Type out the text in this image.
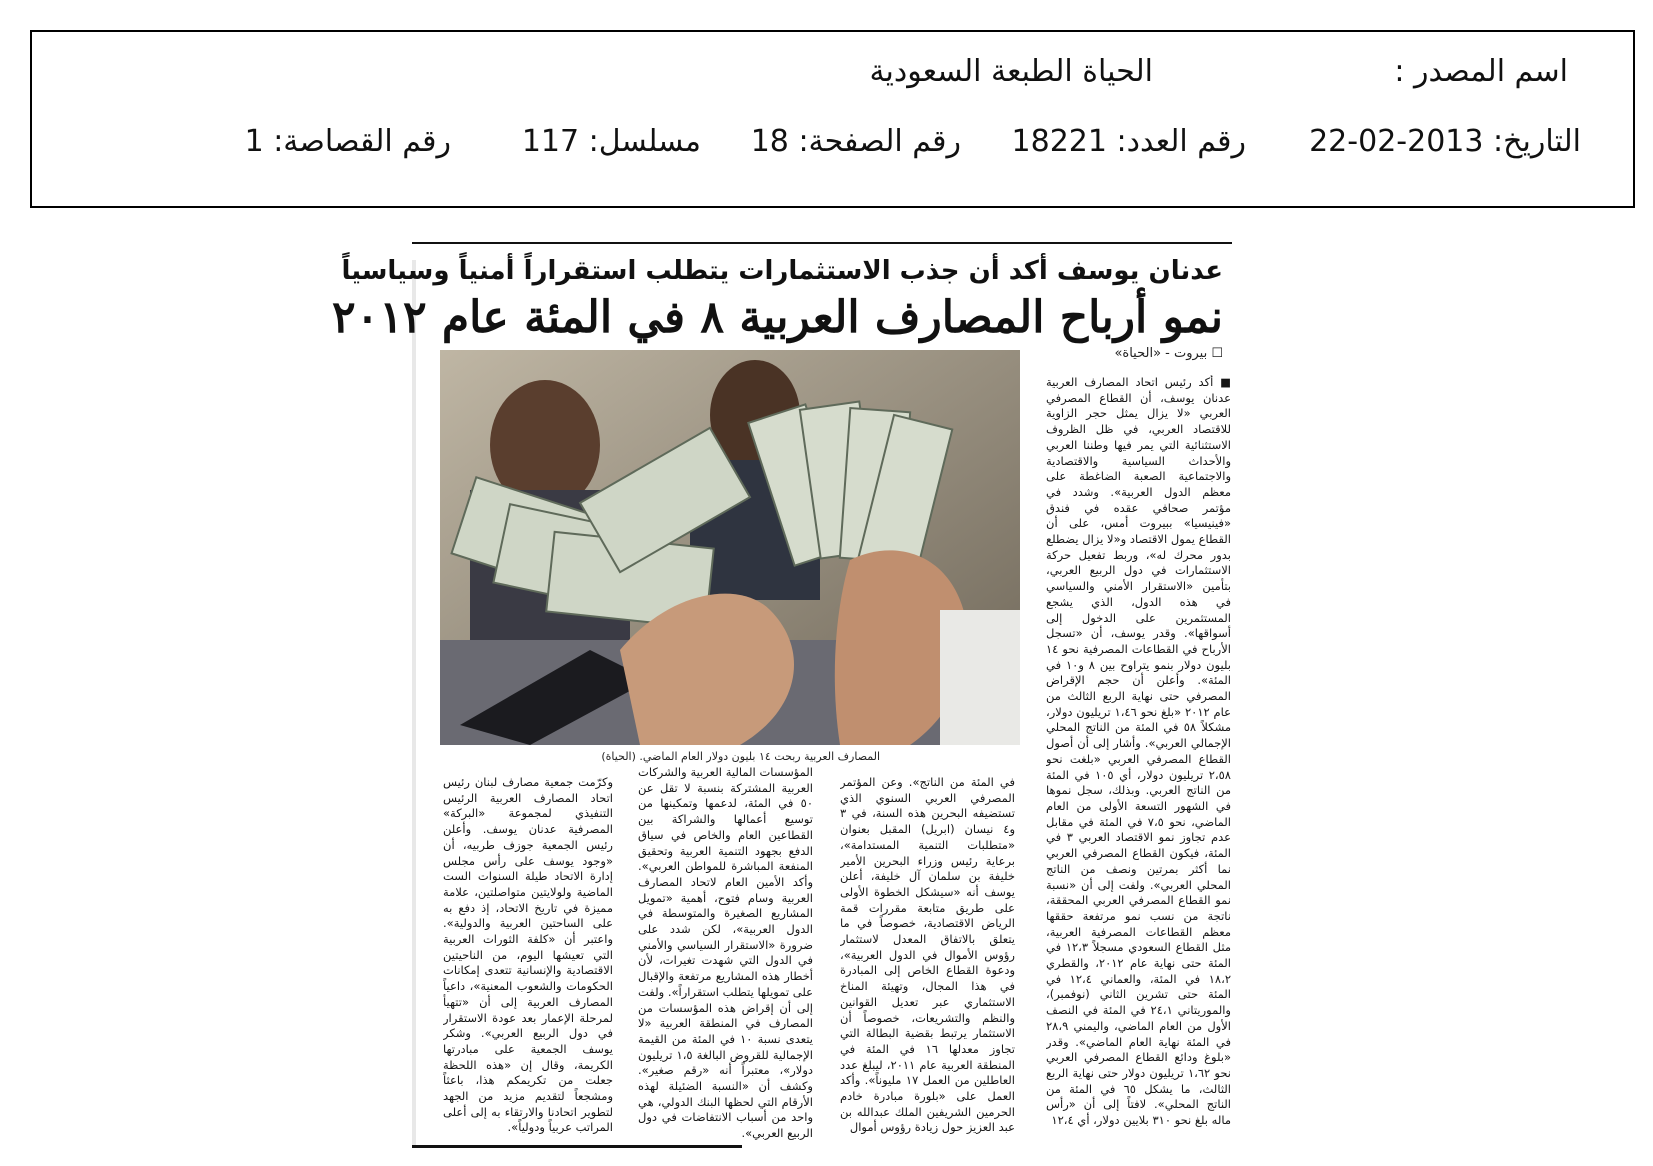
اسم المصدر :
الحياة الطبعة السعودية
التاريخ: 2013-02-22
رقم العدد: 18221
رقم الصفحة: 18
مسلسل: 117
رقم القصاصة: 1
عدنان يوسف أكد أن جذب الاستثمارات يتطلب استقراراً أمنياً وسياسياً
نمو أرباح المصارف العربية ٨ في المئة عام ٢٠١٢
☐ بيروت - «الحياة»
المصارف العربية ربحت ١٤ بليون دولار العام الماضي. (الحياة)

■ أكد رئيس اتحاد المصارف العربية عدنان يوسف، أن القطاع المصرفي العربي «لا يزال يمثل حجر الزاوية للاقتصاد العربي، في ظل الظروف الاستثنائية التي يمر فيها وطننا العربي والأحداث السياسية والاقتصادية والاجتماعية الصعبة الضاغطة على معظم الدول العربية». وشدد في مؤتمر صحافي عقده في فندق «فينيسيا» ببيروت أمس، على أن القطاع يمول الاقتصاد و«لا يزال يضطلع بدور محرك له»، وربط تفعيل حركة الاستثمارات في دول الربيع العربي، بتأمين «الاستقرار الأمني والسياسي في هذه الدول، الذي يشجع المستثمرين على الدخول إلى أسواقها». وقدر يوسف، أن «تسجل الأرباح في القطاعات المصرفية نحو ١٤ بليون دولار بنمو يتراوح بين ٨ و١٠ في المئة». وأعلن أن حجم الإقراض المصرفي حتى نهاية الربع الثالث من عام ٢٠١٢ «بلغ نحو ١،٤٦ تريليون دولار، مشكلاً ٥٨ في المئة من الناتج المحلي الإجمالي العربي». وأشار إلى أن أصول القطاع المصرفي العربي «بلغت نحو ٢،٥٨ تريليون دولار، أي ١٠٥ في المئة من الناتج العربي. وبذلك، سجل نموها في الشهور التسعة الأولى من العام الماضي، نحو ٧،٥ في المئة في مقابل عدم تجاوز نمو الاقتصاد العربي ٣ في المئة، فيكون القطاع المصرفي العربي نما أكثر بمرتين ونصف من الناتج المحلي العربي». ولفت إلى أن «نسبة نمو القطاع المصرفي العربي المحققة، ناتجة من نسب نمو مرتفعة حققها معظم القطاعات المصرفية العربية، مثل القطاع السعودي مسجلاً ١٢،٣ في المئة حتى نهاية عام ٢٠١٢، والقطري ١٨،٢ في المئة، والعماني ١٢،٤ في المئة حتى تشرين الثاني (نوفمبر)، والموريتاني ٢٤،١ في المئة في النصف الأول من العام الماضي، واليمني ٢٨،٩ في المئة نهاية العام الماضي». وقدر «بلوغ ودائع القطاع المصرفي العربي نحو ١،٦٢ تريليون دولار حتى نهاية الربع الثالث، ما يشكل ٦٥ في المئة من الناتج المحلي». لافتاً إلى أن «رأس ماله بلغ نحو ٣١٠ بلايين دولار، أي ١٢،٤

في المئة من الناتج». وعن المؤتمر المصرفي العربي السنوي الذي تستضيفه البحرين هذه السنة، في ٣ و٤ نيسان (ابريل) المقبل بعنوان «متطلبات التنمية المستدامة»، برعاية رئيس وزراء البحرين الأمير خليفة بن سلمان آل خليفة، أعلن يوسف أنه «سيشكل الخطوة الأولى على طريق متابعة مقررات قمة الرياض الاقتصادية، خصوصاً في ما يتعلق بالاتفاق المعدل لاستثمار رؤوس الأموال في الدول العربية»، ودعوة القطاع الخاص إلى المبادرة في هذا المجال، وتهيئة المناخ الاستثماري عبر تعديل القوانين والنظم والتشريعات، خصوصاً أن الاستثمار يرتبط بقضية البطالة التي تجاوز معدلها ١٦ في المئة في المنطقة العربية عام ٢٠١١، ليبلغ عدد العاطلين من العمل ١٧ مليوناً». وأكد العمل على «بلورة مبادرة خادم الحرمين الشريفين الملك عبدالله بن عبد العزيز حول زيادة رؤوس أموال

المؤسسات المالية العربية والشركات العربية المشتركة بنسبة لا تقل عن ٥٠ في المئة، لدعمها وتمكينها من توسيع أعمالها والشراكة بين القطاعين العام والخاص في سياق الدفع بجهود التنمية العربية وتحقيق المنفعة المباشرة للمواطن العربي». وأكد الأمين العام لاتحاد المصارف العربية وسام فتوح، أهمية «تمويل المشاريع الصغيرة والمتوسطة في الدول العربية»، لكن شدد على ضرورة «الاستقرار السياسي والأمني في الدول التي شهدت تغيرات، لأن أخطار هذه المشاريع مرتفعة والإقبال على تمويلها يتطلب استقراراً». ولفت إلى أن إقراض هذه المؤسسات من المصارف في المنطقة العربية «لا يتعدى نسبة ١٠ في المئة من القيمة الإجمالية للقروض البالغة ١،٥ تريليون دولار»، معتبراً أنه «رقم صغير». وكشف أن «النسبة الضئيلة لهذه الأرقام التي لحظها البنك الدولي، هي واحد من أسباب الانتفاضات في دول الربيع العربي».

وكرّمت جمعية مصارف لبنان رئيس اتحاد المصارف العربية الرئيس التنفيذي لمجموعة «البركة» المصرفية عدنان يوسف. وأعلن رئيس الجمعية جوزف طربيه، أن «وجود يوسف على رأس مجلس إدارة الاتحاد طيلة السنوات الست الماضية ولولايتين متواصلتين، علامة مميزة في تاريخ الاتحاد، إذ دفع به على الساحتين العربية والدولية». واعتبر أن «كلفة الثورات العربية التي تعيشها اليوم، من الناحيتين الاقتصادية والإنسانية تتعدى إمكانات الحكومات والشعوب المعنية»، داعياً المصارف العربية إلى أن «تتهيأ لمرحلة الإعمار بعد عودة الاستقرار في دول الربيع العربي». وشكر يوسف الجمعية على مبادرتها الكريمة، وقال إن «هذه اللحظة جعلت من تكريمكم هذا، باعثاً ومشجعاً لتقديم مزيد من الجهد لتطوير اتحادنا والارتقاء به إلى أعلى المراتب عربياً ودولياً».
